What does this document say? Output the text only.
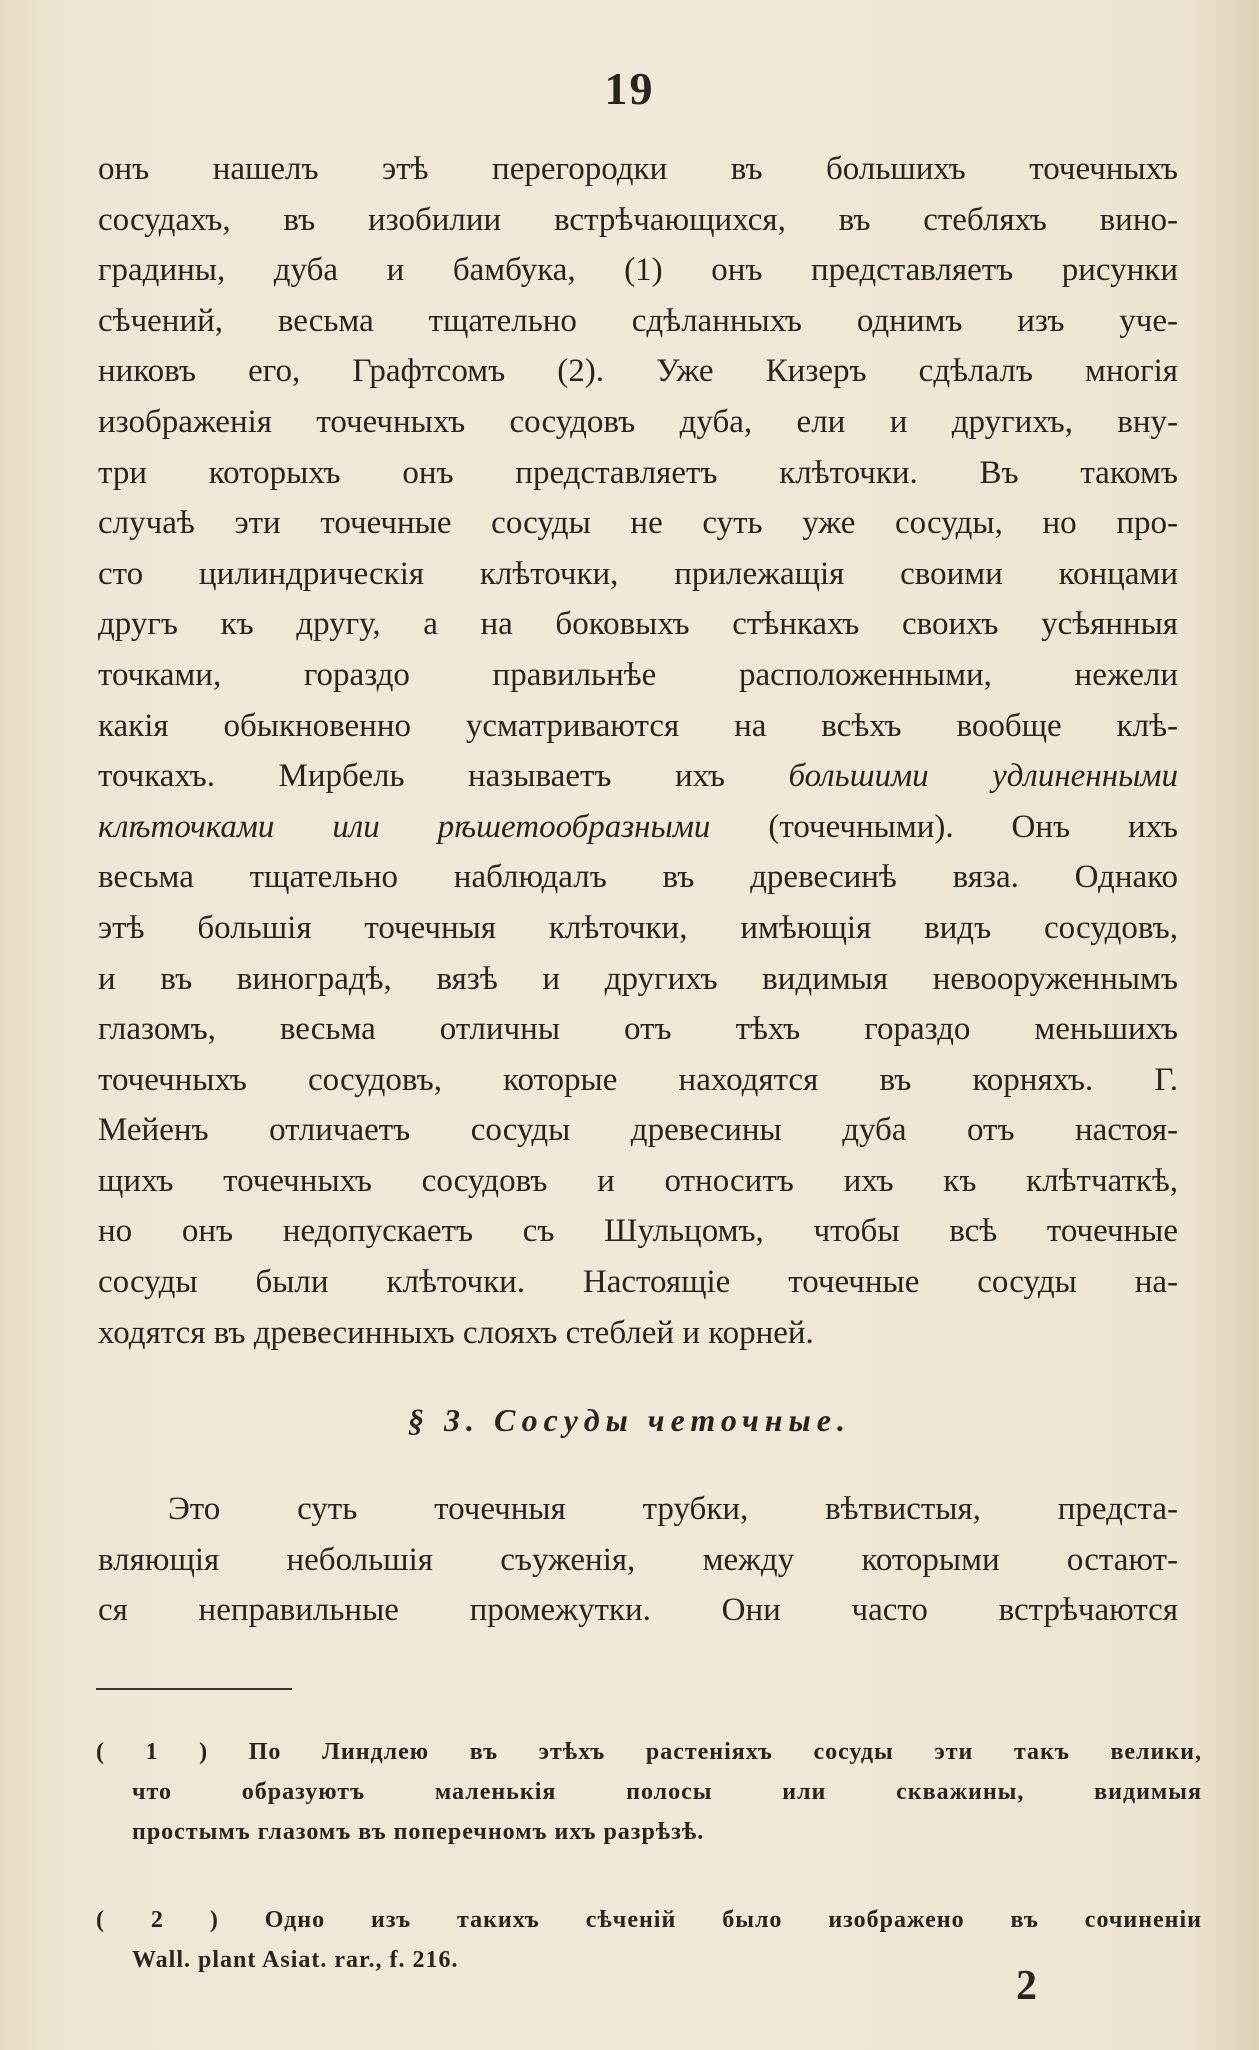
19
онъ нашелъ этѣ перегородки въ большихъ точечныхъ
сосудахъ, въ изобилии встрѣчающихся, въ стебляхъ вино-
градины, дуба и бамбука, (1) онъ представляетъ рисунки
сѣчений, весьма тщательно сдѣланныхъ однимъ изъ уче-
никовъ его, Графтсомъ (2). Уже Кизеръ сдѣлалъ многія
изображенія точечныхъ сосудовъ дуба, ели и другихъ, вну-
три которыхъ онъ представляетъ клѣточки. Въ такомъ
случаѣ эти точечные сосуды не суть уже сосуды, но про-
сто цилиндрическія клѣточки, прилежащія своими концами
другъ къ другу, а на боковыхъ стѣнкахъ своихъ усѣянныя
точками, гораздо правильнѣе расположенными, нежели
какія обыкновенно усматриваются на всѣхъ вообще клѣ-
точкахъ. Мирбель называетъ ихъ большими удлиненными
клѣточками или рѣшетообразными (точечными). Онъ ихъ
весьма тщательно наблюдалъ въ древесинѣ вяза. Однако
этѣ большія точечныя клѣточки, имѣющія видъ сосудовъ,
и въ виноградѣ, вязѣ и другихъ видимыя невооруженнымъ
глазомъ, весьма отличны отъ тѣхъ гораздо меньшихъ
точечныхъ сосудовъ, которые находятся въ корняхъ. Г.
Мейенъ отличаетъ сосуды древесины дуба отъ настоя-
щихъ точечныхъ сосудовъ и относитъ ихъ къ клѣтчаткѣ,
но онъ недопускаетъ съ Шульцомъ, чтобы всѣ точечные
сосуды были клѣточки. Настоящіе точечные сосуды на-
ходятся въ древесинныхъ слояхъ стеблей и корней.
§ 3. Сосуды четочные.
Это суть точечныя трубки, вѣтвистыя, предста-
вляющія небольшія съуженія, между которыми остают-
ся неправильные промежутки. Они часто встрѣчаются
( 1 ) По Линдлею въ этѣхъ растеніяхъ сосуды эти такъ велики,
что образуютъ маленькія полосы или скважины, видимыя
простымъ глазомъ въ поперечномъ ихъ разрѣзѣ.
( 2 ) Одно изъ такихъ сѣченій было изображено въ сочиненіи
Wall. plant Asiat. rar., f. 216.
2
